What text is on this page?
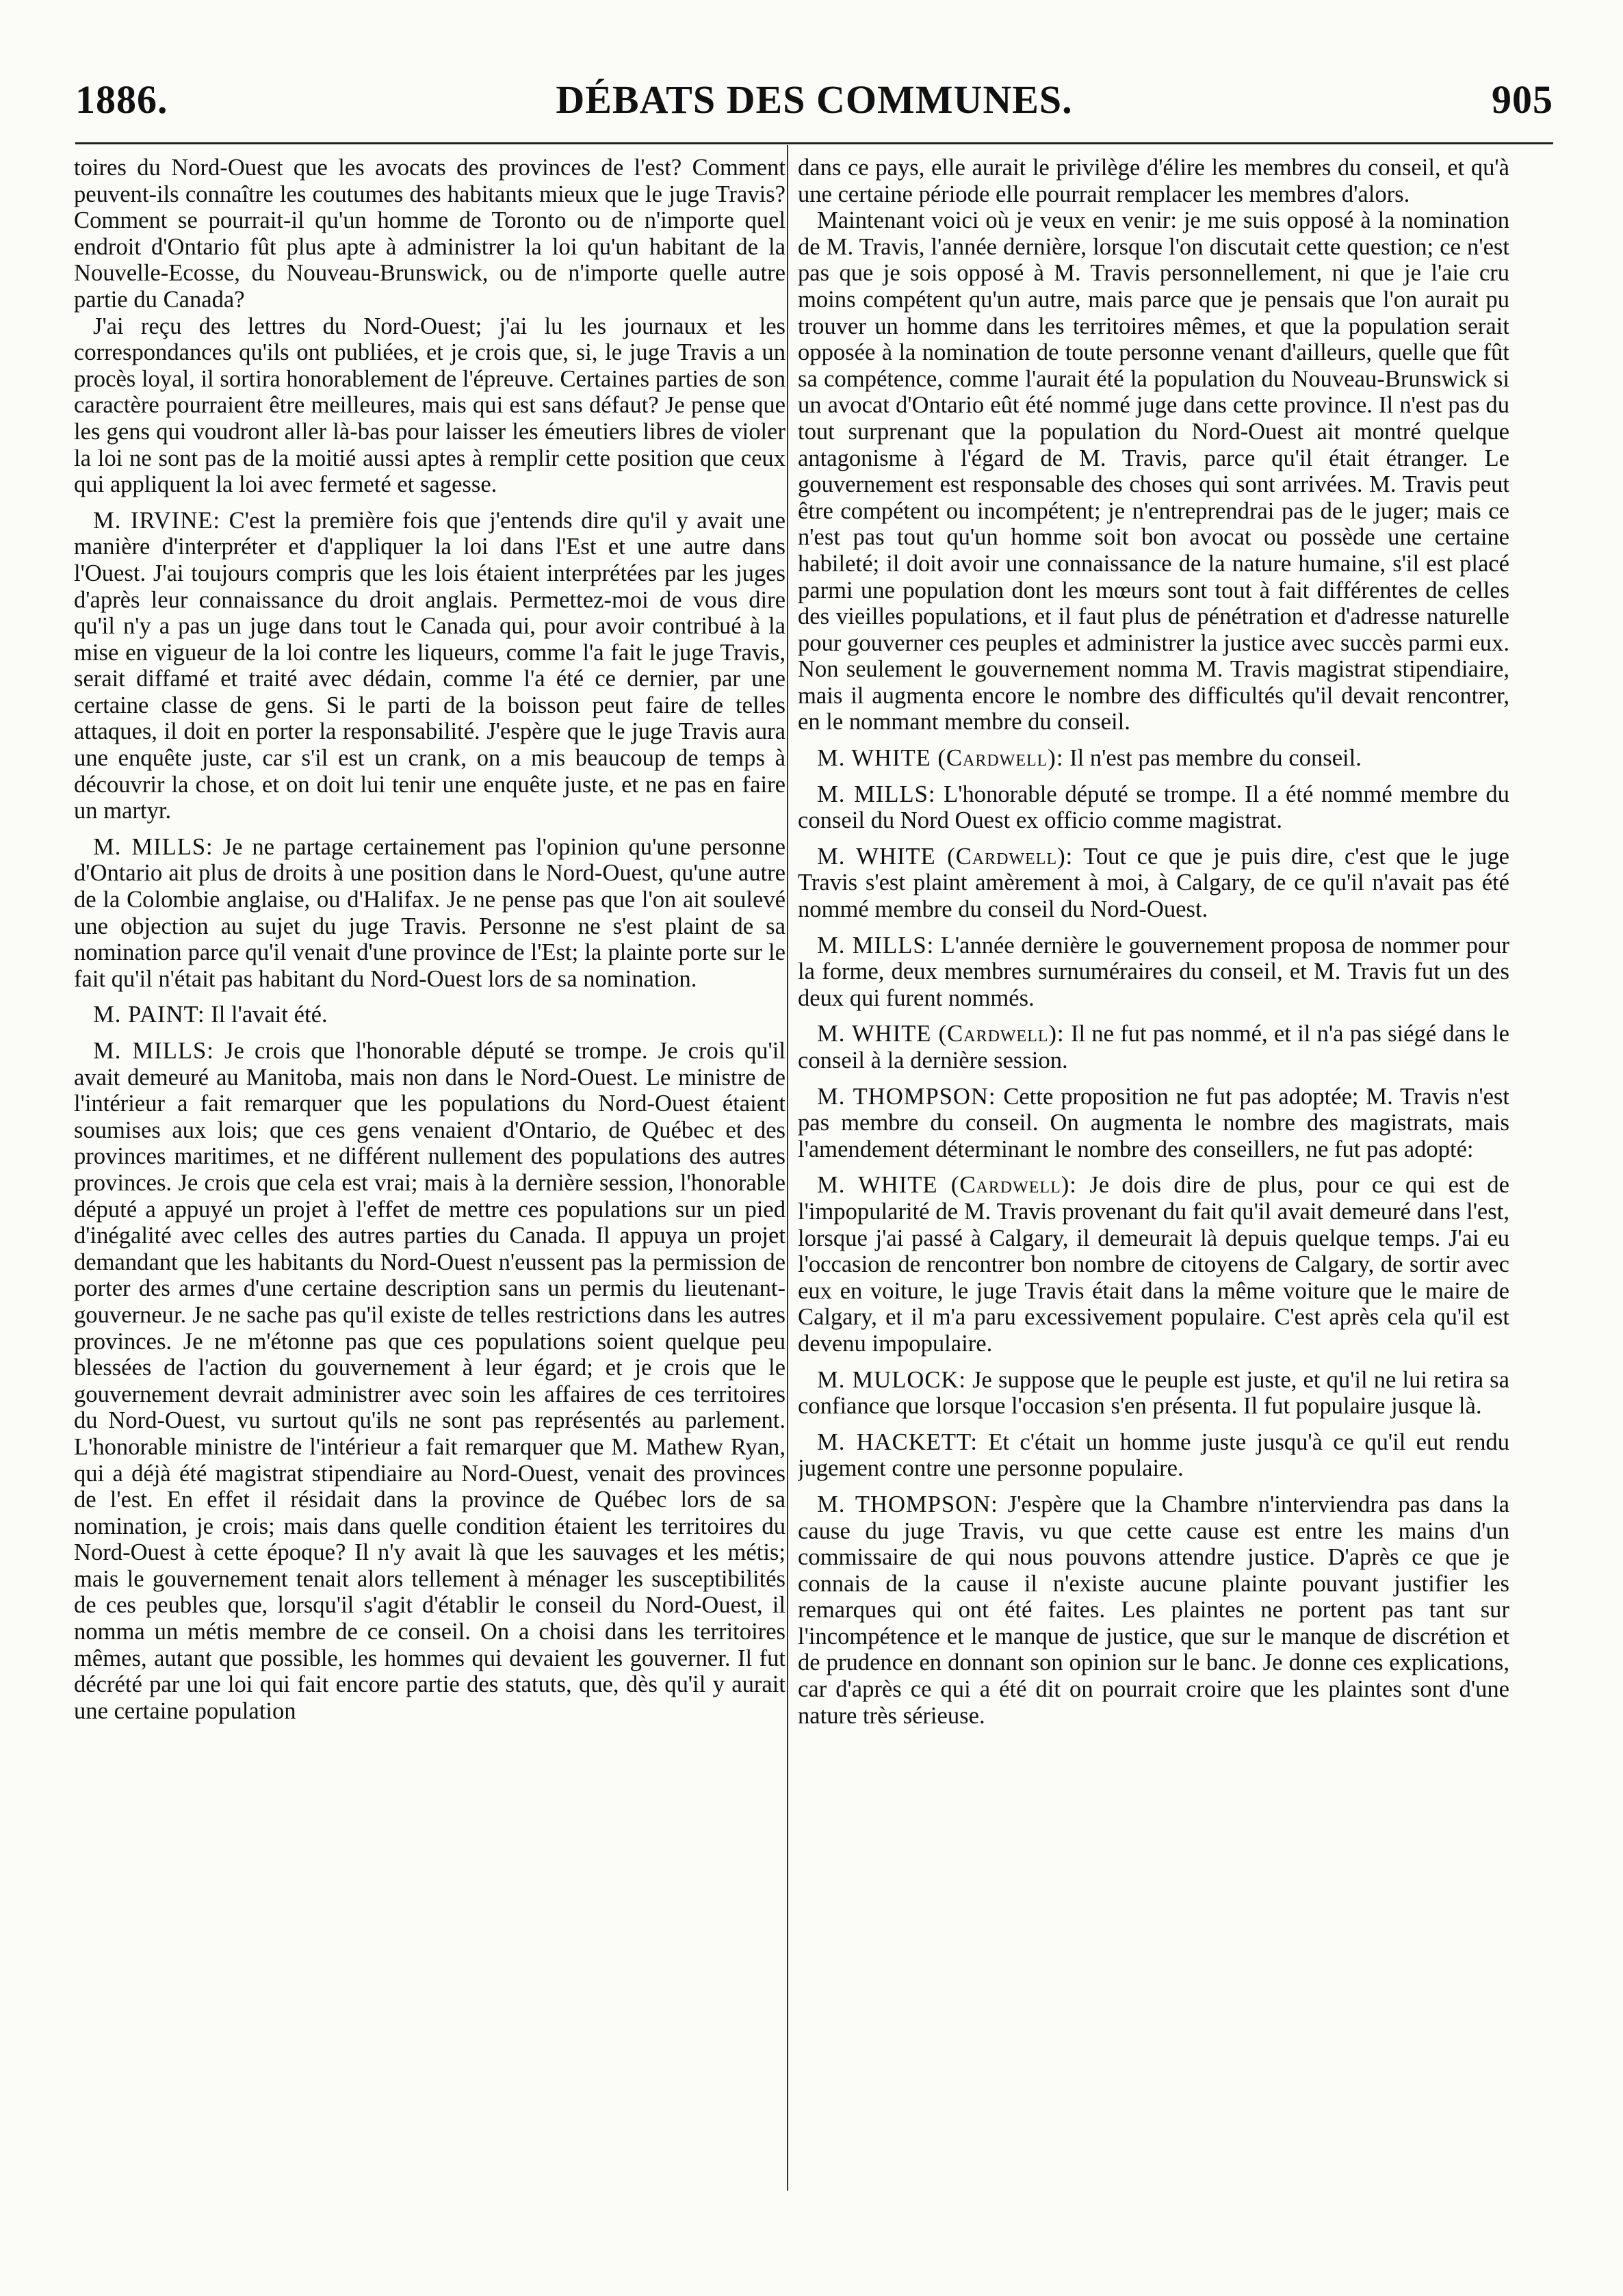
1886.	DÉBATS DES COMMUNES.	905

toires du Nord-Ouest que les avocats des provinces de l'est? Comment peuvent-ils connaître les coutumes des habitants mieux que le juge Travis? Comment se pourrait-il qu'un homme de Toronto ou de n'importe quel endroit d'Ontario fût plus apte à administrer la loi qu'un habitant de la Nouvelle-Ecosse, du Nouveau-Brunswick, ou de n'importe quelle autre partie du Canada?

J'ai reçu des lettres du Nord-Ouest; j'ai lu les journaux et les correspondances qu'ils ont publiées, et je crois que, si, le juge Travis a un procès loyal, il sortira honorablement de l'épreuve. Certaines parties de son caractère pourraient être meilleures, mais qui est sans défaut? Je pense que les gens qui voudront aller là-bas pour laisser les émeutiers libres de violer la loi ne sont pas de la moitié aussi aptes à remplir cette position que ceux qui appliquent la loi avec fermeté et sagesse.

M. IRVINE: C'est la première fois que j'entends dire qu'il y avait une manière d'interpréter et d'appliquer la loi dans l'Est et une autre dans l'Ouest. J'ai toujours compris que les lois étaient interprétées par les juges d'après leur connaissance du droit anglais. Permettez-moi de vous dire qu'il n'y a pas un juge dans tout le Canada qui, pour avoir contribué à la mise en vigueur de la loi contre les liqueurs, comme l'a fait le juge Travis, serait diffamé et traité avec dédain, comme l'a été ce dernier, par une certaine classe de gens. Si le parti de la boisson peut faire de telles attaques, il doit en porter la responsabilité. J'espère que le juge Travis aura une enquête juste, car s'il est un crank, on a mis beaucoup de temps à découvrir la chose, et on doit lui tenir une enquête juste, et ne pas en faire un martyr.

M. MILLS: Je ne partage certainement pas l'opinion qu'une personne d'Ontario ait plus de droits à une position dans le Nord-Ouest, qu'une autre de la Colombie anglaise, ou d'Halifax. Je ne pense pas que l'on ait soulevé une objection au sujet du juge Travis. Personne ne s'est plaint de sa nomination parce qu'il venait d'une province de l'Est; la plainte porte sur le fait qu'il n'était pas habitant du Nord-Ouest lors de sa nomination.

M. PAINT: Il l'avait été.

M. MILLS: Je crois que l'honorable député se trompe. Je crois qu'il avait demeuré au Manitoba, mais non dans le Nord-Ouest. Le ministre de l'intérieur a fait remarquer que les populations du Nord-Ouest étaient soumises aux lois; que ces gens venaient d'Ontario, de Québec et des provinces maritimes, et ne différent nullement des populations des autres provinces. Je crois que cela est vrai; mais à la dernière session, l'honorable député a appuyé un projet à l'effet de mettre ces populations sur un pied d'inégalité avec celles des autres parties du Canada. Il appuya un projet demandant que les habitants du Nord-Ouest n'eussent pas la permission de porter des armes d'une certaine description sans un permis du lieutenant-gouverneur. Je ne sache pas qu'il existe de telles restrictions dans les autres provinces. Je ne m'étonne pas que ces populations soient quelque peu blessées de l'action du gouvernement à leur égard; et je crois que le gouvernement devrait administrer avec soin les affaires de ces territoires du Nord-Ouest, vu surtout qu'ils ne sont pas représentés au parlement. L'honorable ministre de l'intérieur a fait remarquer que M. Mathew Ryan, qui a déjà été magistrat stipendiaire au Nord-Ouest, venait des provinces de l'est. En effet il résidait dans la province de Québec lors de sa nomination, je crois; mais dans quelle condition étaient les territoires du Nord-Ouest à cette époque? Il n'y avait là que les sauvages et les métis; mais le gouvernement tenait alors tellement à ménager les susceptibilités de ces peubles que, lorsqu'il s'agit d'établir le conseil du Nord-Ouest, il nomma un métis membre de ce conseil. On a choisi dans les territoires mêmes, autant que possible, les hommes qui devaient les gouverner. Il fut décrété par une loi qui fait encore partie des statuts, que, dès qu'il y aurait une certaine population

dans ce pays, elle aurait le privilège d'élire les membres du conseil, et qu'à une certaine période elle pourrait remplacer les membres d'alors.

Maintenant voici où je veux en venir: je me suis opposé à la nomination de M. Travis, l'année dernière, lorsque l'on discutait cette question; ce n'est pas que je sois opposé à M. Travis personnellement, ni que je l'aie cru moins compétent qu'un autre, mais parce que je pensais que l'on aurait pu trouver un homme dans les territoires mêmes, et que la population serait opposée à la nomination de toute personne venant d'ailleurs, quelle que fût sa compétence, comme l'aurait été la population du Nouveau-Brunswick si un avocat d'Ontario eût été nommé juge dans cette province. Il n'est pas du tout surprenant que la population du Nord-Ouest ait montré quelque antagonisme à l'égard de M. Travis, parce qu'il était étranger. Le gouvernement est responsable des choses qui sont arrivées. M. Travis peut être compétent ou incompétent; je n'entreprendrai pas de le juger; mais ce n'est pas tout qu'un homme soit bon avocat ou possède une certaine habileté; il doit avoir une connaissance de la nature humaine, s'il est placé parmi une population dont les mœurs sont tout à fait différentes de celles des vieilles populations, et il faut plus de pénétration et d'adresse naturelle pour gouverner ces peuples et administrer la justice avec succès parmi eux. Non seulement le gouvernement nomma M. Travis magistrat stipendiaire, mais il augmenta encore le nombre des difficultés qu'il devait rencontrer, en le nommant membre du conseil.

M. WHITE (Cardwell): Il n'est pas membre du conseil.

M. MILLS: L'honorable député se trompe. Il a été nommé membre du conseil du Nord Ouest ex officio comme magistrat.

M. WHITE (Cardwell): Tout ce que je puis dire, c'est que le juge Travis s'est plaint amèrement à moi, à Calgary, de ce qu'il n'avait pas été nommé membre du conseil du Nord-Ouest.

M. MILLS: L'année dernière le gouvernement proposa de nommer pour la forme, deux membres surnuméraires du conseil, et M. Travis fut un des deux qui furent nommés.

M. WHITE (Cardwell): Il ne fut pas nommé, et il n'a pas siégé dans le conseil à la dernière session.

M. THOMPSON: Cette proposition ne fut pas adoptée; M. Travis n'est pas membre du conseil. On augmenta le nombre des magistrats, mais l'amendement déterminant le nombre des conseillers, ne fut pas adopté:

M. WHITE (Cardwell): Je dois dire de plus, pour ce qui est de l'impopularité de M. Travis provenant du fait qu'il avait demeuré dans l'est, lorsque j'ai passé à Calgary, il demeurait là depuis quelque temps. J'ai eu l'occasion de rencontrer bon nombre de citoyens de Calgary, de sortir avec eux en voiture, le juge Travis était dans la même voiture que le maire de Calgary, et il m'a paru excessivement populaire. C'est après cela qu'il est devenu impopulaire.

M. MULOCK: Je suppose que le peuple est juste, et qu'il ne lui retira sa confiance que lorsque l'occasion s'en présenta. Il fut populaire jusque là.

M. HACKETT: Et c'était un homme juste jusqu'à ce qu'il eut rendu jugement contre une personne populaire.

M. THOMPSON: J'espère que la Chambre n'interviendra pas dans la cause du juge Travis, vu que cette cause est entre les mains d'un commissaire de qui nous pouvons attendre justice. D'après ce que je connais de la cause il n'existe aucune plainte pouvant justifier les remarques qui ont été faites. Les plaintes ne portent pas tant sur l'incompétence et le manque de justice, que sur le manque de discrétion et de prudence en donnant son opinion sur le banc. Je donne ces explications, car d'après ce qui a été dit on pourrait croire que les plaintes sont d'une nature très sérieuse.
